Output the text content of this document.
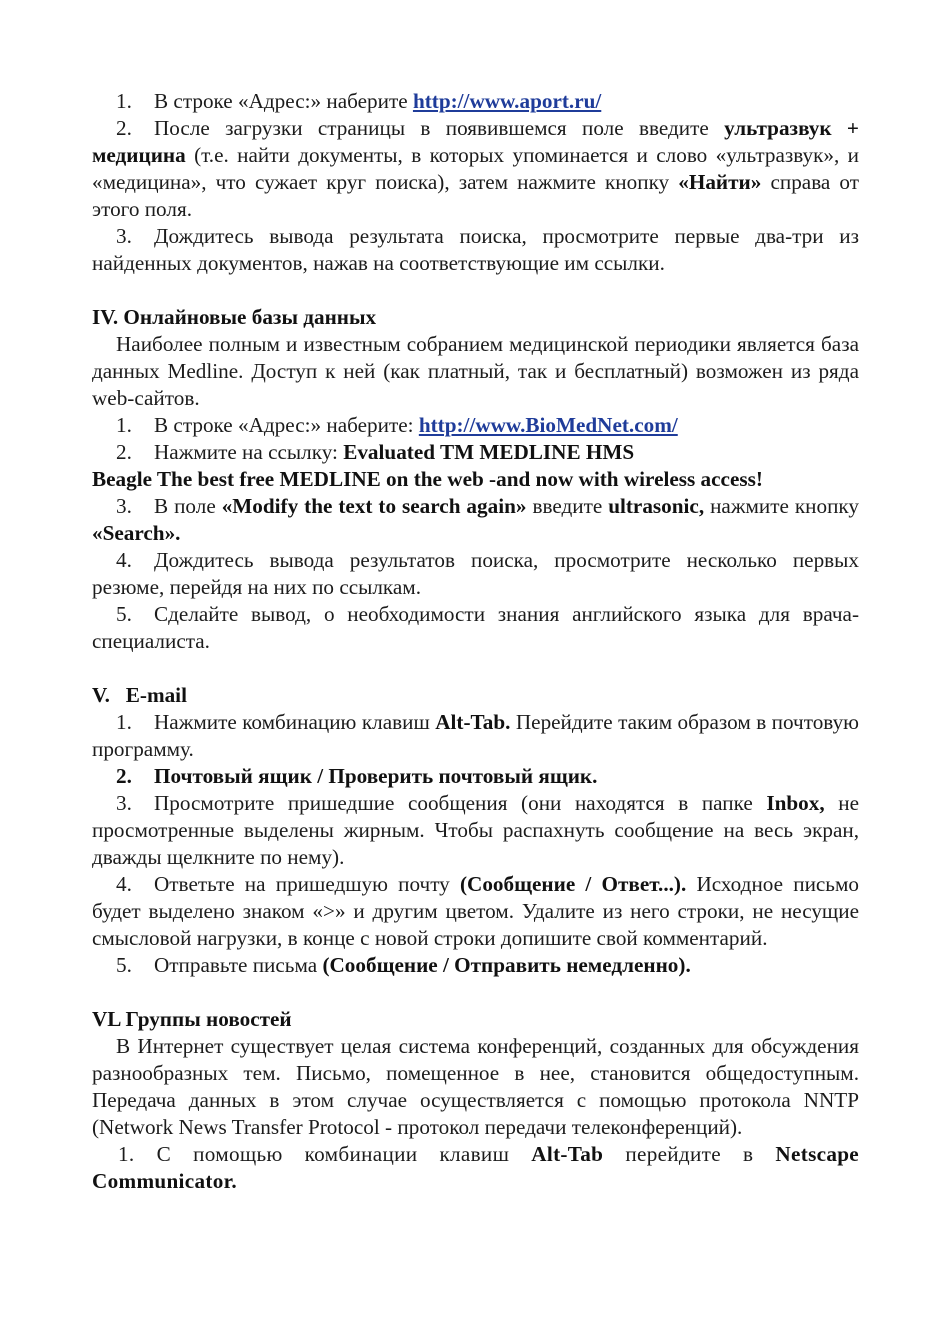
1. В строке «Адрес:» наберите http://www.aport.ru/

2. После загрузки страницы в появившемся поле введите ультразвук + медицина (т.е. найти документы, в которых упоминается и слово «ультразвук», и «медицина», что сужает круг поиска), затем нажмите кнопку «Найти» справа от этого поля.

3. Дождитесь вывода результата поиска, просмотрите первые два-три из найденных документов, нажав на соответствующие им ссылки.

IV. Онлайновые базы данных

Наиболее полным и известным собранием медицинской периодики является база данных Medline. Доступ к ней (как платный, так и бесплатный) возможен из ряда web-сайтов.

1. В строке «Адрес:» наберите: http://www.BioMedNet.com/

2. Нажмите на ссылку: Evaluated TM MEDLINE HMS

Beagle The best free MEDLINE on the web -and now with wireless access!

3. В поле «Modify the text to search again» введите ultrasonic, нажмите кнопку «Search».

4. Дождитесь вывода результатов поиска, просмотрите несколько первых резюме, перейдя на них по ссылкам.

5. Сделайте вывод, о необходимости знания английского языка для врача-специалиста.

V.   E-mail

1. Нажмите комбинацию клавиш Alt-Tab. Перейдите таким образом в почтовую программу.

2. Почтовый ящик / Проверить почтовый ящик.

3. Просмотрите пришедшие сообщения (они находятся в папке Inbox, не просмотренные выделены жирным. Чтобы распахнуть сообщение на весь экран, дважды щелкните по нему).

4. Ответьте на пришедшую почту (Сообщение / Ответ...). Исходное письмо будет выделено знаком «>» и другим цветом. Удалите из него строки, не несущие смысловой нагрузки, в конце с новой строки допишите свой комментарий.

5. Отправьте письма (Сообщение / Отправить немедленно).

VL Группы новостей

В Интернет существует целая система конференций, созданных для обсуждения разнообразных тем. Письмо, помещенное в нее, становится общедоступным. Передача данных в этом случае осуществляется с помощью протокола NNTP (Network News Transfer Protocol - протокол передачи телеконференций).

1. С помощью комбинации клавиш Alt-Tab перейдите в Netscape Communicator.
